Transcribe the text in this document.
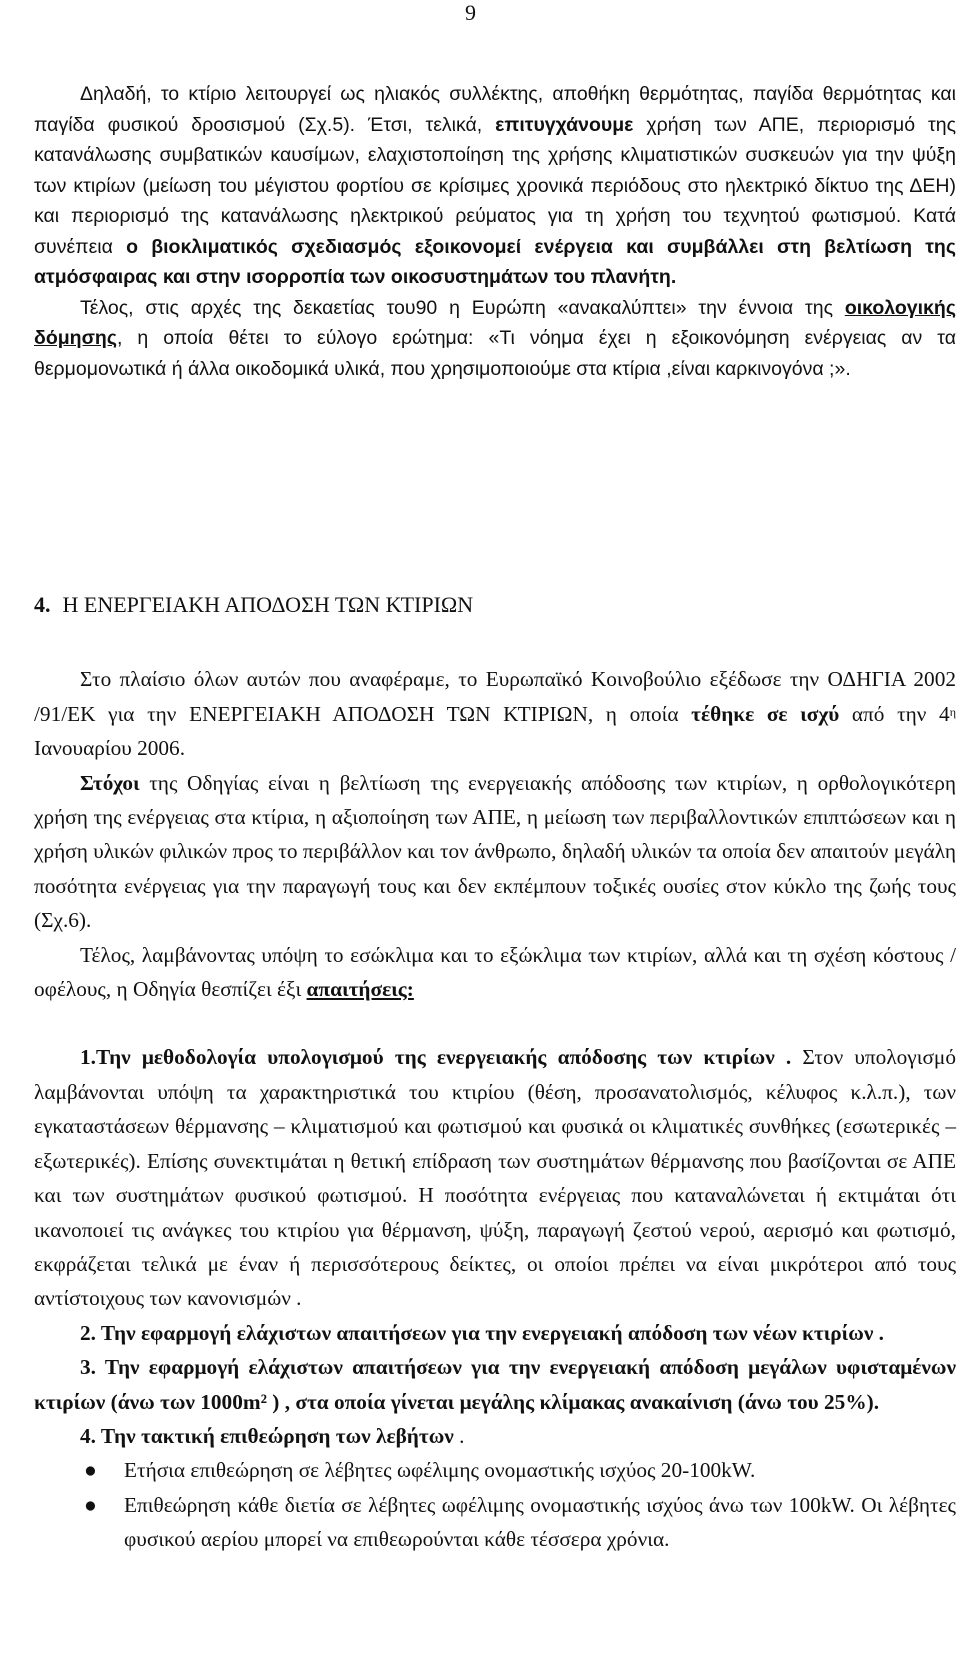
9

Δηλαδή, το κτίριο λειτουργεί ως ηλιακός συλλέκτης, αποθήκη θερμότητας, παγίδα θερμότητας και παγίδα φυσικού δροσισμού (Σχ.5). Έτσι, τελικά, επιτυγχάνουμε χρήση των ΑΠΕ, περιορισμό της κατανάλωσης συμβατικών καυσίμων, ελαχιστοποίηση της χρήσης κλιματιστικών συσκευών για την ψύξη των κτιρίων (μείωση του μέγιστου φορτίου σε κρίσιμες χρονικά περιόδους στο ηλεκτρικό δίκτυο της ΔΕΗ) και περιορισμό της κατανάλωσης ηλεκτρικού ρεύματος για τη χρήση του τεχνητού φωτισμού. Κατά συνέπεια ο βιοκλιματικός σχεδιασμός εξοικονομεί ενέργεια και συμβάλλει στη βελτίωση της ατμόσφαιρας και στην ισορροπία των οικοσυστημάτων του πλανήτη.

Τέλος, στις αρχές της δεκαετίας του90 η Ευρώπη «ανακαλύπτει» την έννοια της οικολογικής δόμησης, η οποία θέτει το εύλογο ερώτημα: «Τι νόημα έχει η εξοικονόμηση ενέργειας αν τα θερμομονωτικά ή άλλα οικοδομικά υλικά, που χρησιμοποιούμε στα κτίρια ,είναι καρκινογόνα ;».

4. Η ΕΝΕΡΓΕΙΑΚΗ ΑΠΟΔΟΣΗ ΤΩΝ ΚΤΙΡΙΩΝ

Στο πλαίσιο όλων αυτών που αναφέραμε, το Ευρωπαϊκό Κοινοβούλιο εξέδωσε την ΟΔΗΓΙΑ 2002 /91/ΕΚ για την ΕΝΕΡΓΕΙΑΚΗ ΑΠΟΔΟΣΗ ΤΩΝ ΚΤΙΡΙΩΝ, η οποία τέθηκε σε ισχύ από την $4^\eta$ Ιανουαρίου 2006.

Στόχοι της Οδηγίας είναι η βελτίωση της ενεργειακής απόδοσης των κτιρίων, η ορθολογικότερη χρήση της ενέργειας στα κτίρια, η αξιοποίηση των ΑΠΕ, η μείωση των περιβαλλοντικών επιπτώσεων και η χρήση υλικών φιλικών προς το περιβάλλον και τον άνθρωπο, δηλαδή υλικών τα οποία δεν απαιτούν μεγάλη ποσότητα ενέργειας για την παραγωγή τους και δεν εκπέμπουν τοξικές ουσίες στον κύκλο της ζωής τους (Σχ.6).

Τέλος, λαμβάνοντας υπόψη το εσώκλιμα και το εξώκλιμα των κτιρίων, αλλά και τη σχέση κόστους / οφέλους, η Οδηγία θεσπίζει έξι απαιτήσεις:

1.Την μεθοδολογία υπολογισμού της ενεργειακής απόδοσης των κτιρίων . Στον υπολογισμό λαμβάνονται υπόψη τα χαρακτηριστικά του κτιρίου (θέση, προσανατολισμός, κέλυφος κ.λ.π.), των εγκαταστάσεων θέρμανσης – κλιματισμού και φωτισμού και φυσικά οι κλιματικές συνθήκες (εσωτερικές – εξωτερικές). Επίσης συνεκτιμάται η θετική επίδραση των συστημάτων θέρμανσης που βασίζονται σε ΑΠΕ και των συστημάτων φυσικού φωτισμού. Η ποσότητα ενέργειας που καταναλώνεται ή εκτιμάται ότι ικανοποιεί τις ανάγκες του κτιρίου για θέρμανση, ψύξη, παραγωγή ζεστού νερού, αερισμό και φωτισμό, εκφράζεται τελικά με έναν ή περισσότερους δείκτες, οι οποίοι πρέπει να είναι μικρότεροι από τους αντίστοιχους των κανονισμών .

2. Την εφαρμογή ελάχιστων απαιτήσεων για την ενεργειακή απόδοση των νέων κτιρίων .

3. Την εφαρμογή ελάχιστων απαιτήσεων για την ενεργειακή απόδοση μεγάλων υφισταμένων κτιρίων (άνω των 1000m² ) , στα οποία γίνεται μεγάλης κλίμακας ανακαίνιση (άνω του 25%).

4. Την τακτική επιθεώρηση των λεβήτων .

● Ετήσια επιθεώρηση σε λέβητες ωφέλιμης ονομαστικής ισχύος 20-100kW.
● Επιθεώρηση κάθε διετία σε λέβητες ωφέλιμης ονομαστικής ισχύος άνω των 100kW. Οι λέβητες φυσικού αερίου μπορεί να επιθεωρούνται κάθε τέσσερα χρόνια.
